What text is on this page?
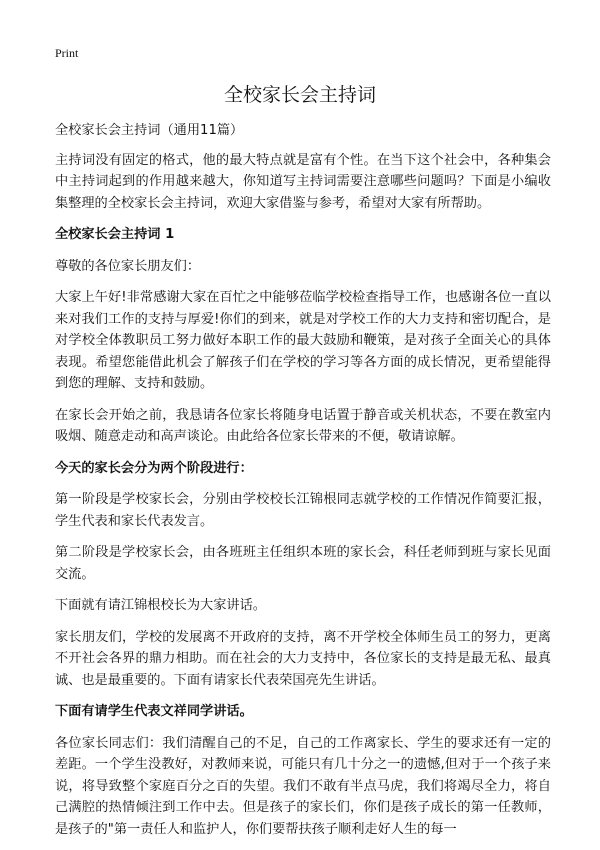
Print
全校家长会主持词

全校家长会主持词（通用11篇）

主持词没有固定的格式，他的最大特点就是富有个性。在当下这个社会中，各种集会中主持词起到的作用越来越大，你知道写主持词需要注意哪些问题吗？下面是小编收集整理的全校家长会主持词，欢迎大家借鉴与参考，希望对大家有所帮助。

全校家长会主持词 1

尊敬的各位家长朋友们：

大家上午好!非常感谢大家在百忙之中能够莅临学校检查指导工作，也感谢各位一直以来对我们工作的支持与厚爱!你们的到来，就是对学校工作的大力支持和密切配合，是对学校全体教职员工努力做好本职工作的最大鼓励和鞭策，是对孩子全面关心的具体表现。希望您能借此机会了解孩子们在学校的学习等各方面的成长情况，更希望能得到您的理解、支持和鼓励。

在家长会开始之前，我恳请各位家长将随身电话置于静音或关机状态，不要在教室内吸烟、随意走动和高声谈论。由此给各位家长带来的不便，敬请谅解。

今天的家长会分为两个阶段进行：

第一阶段是学校家长会，分别由学校校长江锦根同志就学校的工作情况作简要汇报，学生代表和家长代表发言。

第二阶段是学校家长会，由各班班主任组织本班的家长会，科任老师到班与家长见面交流。

下面就有请江锦根校长为大家讲话。

家长朋友们，学校的发展离不开政府的支持，离不开学校全体师生员工的努力，更离不开社会各界的鼎力相助。而在社会的大力支持中，各位家长的支持是最无私、最真诚、也是最重要的。下面有请家长代表荣国亮先生讲话。

下面有请学生代表文祥同学讲话。

各位家长同志们：我们清醒自己的不足，自己的工作离家长、学生的要求还有一定的差距。一个学生没教好，对教师来说，可能只有几十分之一的遗憾,但对于一个孩子来说，将导致整个家庭百分之百的失望。我们不敢有半点马虎，我们将竭尽全力，将自己满腔的热情倾注到工作中去。但是孩子的家长们，你们是孩子成长的第一任教师，是孩子的"第一责任人和监护人，你们要帮扶孩子顺利走好人生的每一
